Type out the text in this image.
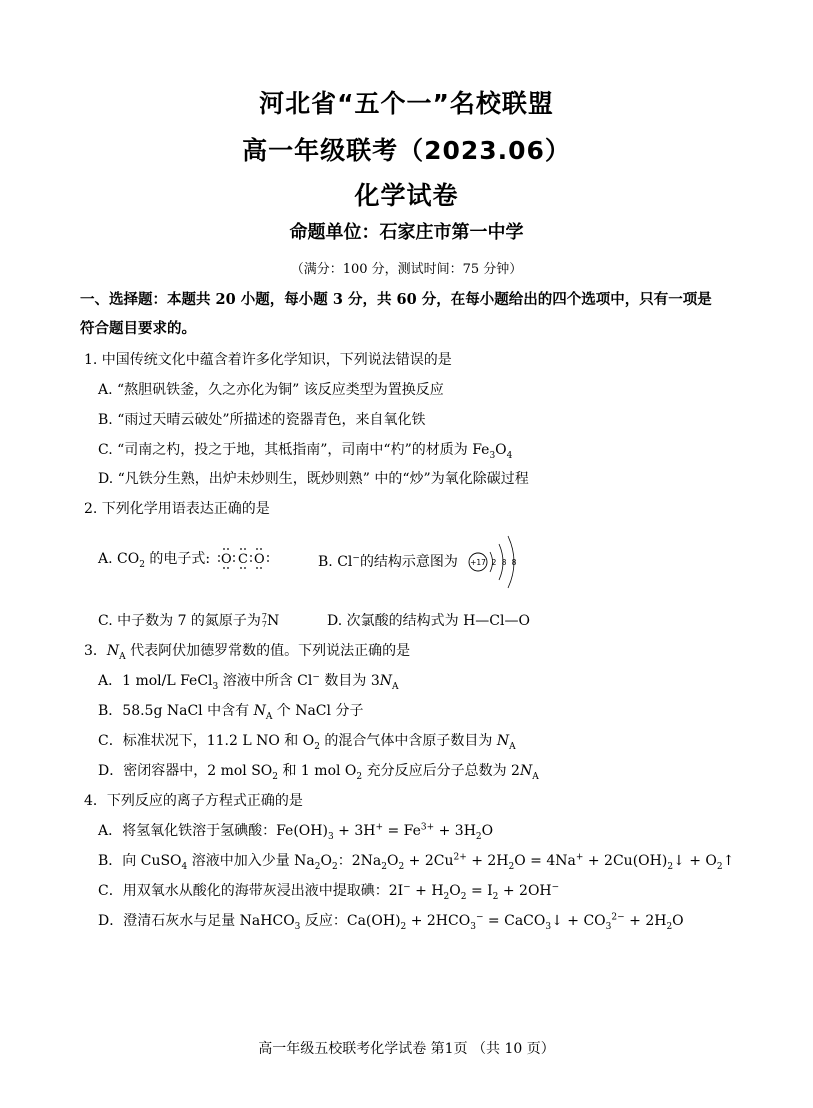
河北省“五个一”名校联盟
高一年级联考（2023.06）
化学试卷
命题单位：石家庄市第一中学
（满分：100 分，测试时间：75 分钟）
一、选择题：本题共 20 小题，每小题 3 分，共 60 分，在每小题给出的四个选项中，只有一项是
符合题目要求的。
1. 中国传统文化中蕴含着许多化学知识，下列说法错误的是
A. “熬胆矾铁釜，久之亦化为铜” 该反应类型为置换反应
B. “雨过天晴云破处”所描述的瓷器青色，来自氧化铁
C. “司南之杓，投之于地，其柢指南”，司南中“杓”的材质为 $Fe_3O_4$
D. “凡铁分生熟，出炉未炒则生，既炒则熟” 中的“炒”为氧化除碳过程
2. 下列化学用语表达正确的是
A. $CO_2$ 的电子式: O C O	B. Cl−的结构示意图为 +17 2 8 8
C. 中子数为 7 的氮原子为7
7N	D. 次氯酸的结构式为 H—Cl—O
3．$N_A$ 代表阿伏加德罗常数的值。下列说法正确的是
A．1 mol/L FeCl$_3$ 溶液中所含 Cl− 数目为 $3N_A$
B．58.5g NaCl 中含有 $N_A$ 个 NaCl 分子
C．标准状况下，11.2 L NO 和 $O_2$ 的混合气体中含原子数目为 $N_A$
D．密闭容器中，2 mol $SO_2$ 和 1 mol $O_2$ 充分反应后分子总数为 $2N_A$
4．下列反应的离子方程式正确的是
A．将氢氧化铁溶于氢碘酸：$Fe(OH)_3 + 3H^+ = Fe^{3+} + 3H_2O$
B．向 CuSO$_4$ 溶液中加入少量 $Na_2O_2$：$2Na_2O_2 + 2Cu^{2+} + 2H_2O = 4Na^+$ + $2Cu(OH)_2↓$ + $O_2↑$
C．用双氧水从酸化的海带灰浸出液中提取碘：$2I^- + H_2O_2 = I_2 + 2OH^-$
D．澄清石灰水与足量 NaHCO$_3$ 反应：$Ca(OH)_2 + 2HCO_3^-$ = CaCO$_3$↓ + $CO_3^{2-} + 2H_2O$
高一年级五校联考化学试卷 第1页 （共 10 页）
